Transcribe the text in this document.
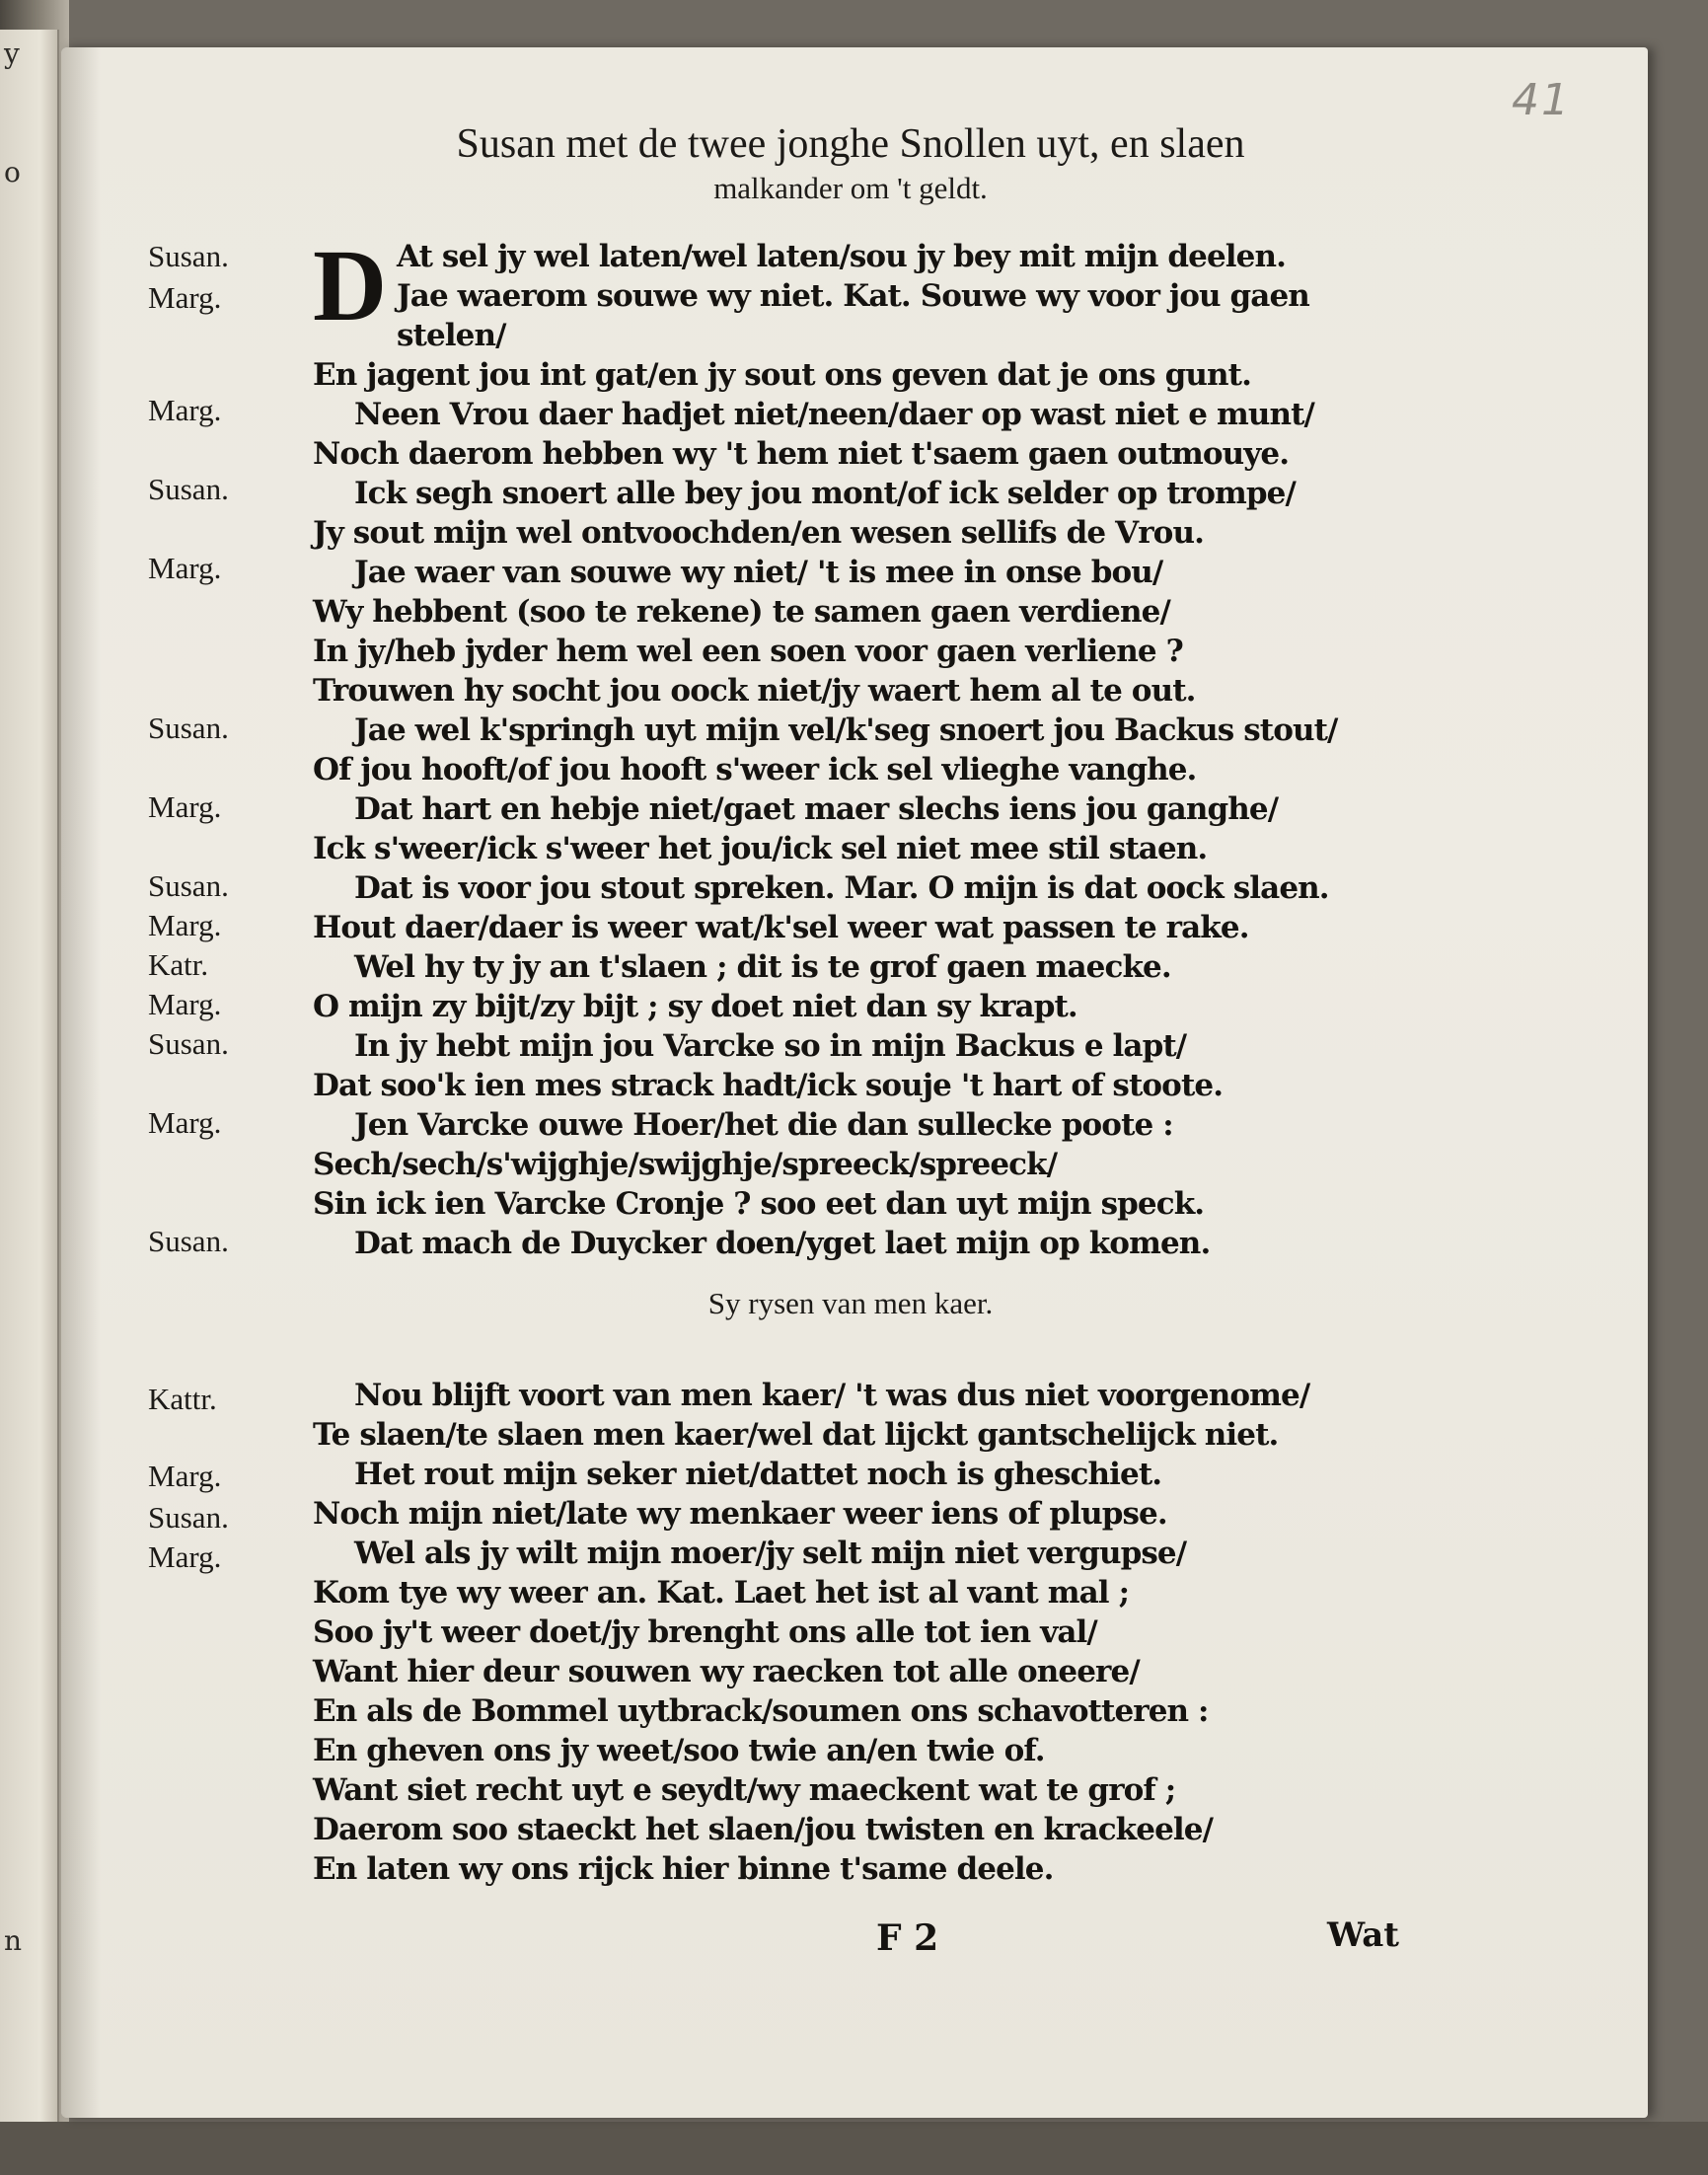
y
o
n
41
Susan met de twee jonghe Snollen uyt, en slaen
malkander om 't geldt.
Susan.
Marg.
Marg.
Susan.
Marg.
Susan.
Marg.
Susan.
Marg.
Katr.
Marg.
Susan.
Marg.
Susan.
D At sel jy wel laten/wel laten/sou jy bey mit mijn deelen.
Jae waerom souwe wy niet. Kat. Souwe wy voor jou gaen
stelen/
En jagent jou int gat/en jy sout ons geven dat je ons gunt.
Neen Vrou daer hadjet niet/neen/daer op wast niet e munt/
Noch daerom hebben wy 't hem niet t'saem gaen outmouye.
Ick segh snoert alle bey jou mont/of ick selder op trompe/
Jy sout mijn wel ontvoochden/en wesen sellifs de Vrou.
Jae waer van souwe wy niet/ 't is mee in onse bou/
Wy hebbent (soo te rekene) te samen gaen verdiene/
In jy/heb jyder hem wel een soen voor gaen verliene ?
Trouwen hy socht jou oock niet/jy waert hem al te out.
Jae wel k'springh uyt mijn vel/k'seg snoert jou Backus stout/
Of jou hooft/of jou hooft s'weer ick sel vlieghe vanghe.
Dat hart en hebje niet/gaet maer slechs iens jou ganghe/
Ick s'weer/ick s'weer het jou/ick sel niet mee stil staen.
Dat is voor jou stout spreken. Mar. O mijn is dat oock slaen.
Hout daer/daer is weer wat/k'sel weer wat passen te rake.
Wel hy ty jy an t'slaen ; dit is te grof gaen maecke.
O mijn zy bijt/zy bijt ; sy doet niet dan sy krapt.
In jy hebt mijn jou Varcke so in mijn Backus e lapt/
Dat soo'k ien mes strack hadt/ick souje 't hart of stoote.
Jen Varcke ouwe Hoer/het die dan sullecke poote :
Sech/sech/s'wijghje/swijghje/spreeck/spreeck/
Sin ick ien Varcke Cronje ? soo eet dan uyt mijn speck.
Dat mach de Duycker doen/yget laet mijn op komen.
Sy rysen van men kaer.
Kattr.
Marg.
Susan.
Marg.
Nou blijft voort van men kaer/ 't was dus niet voorgenome/
Te slaen/te slaen men kaer/wel dat lijckt gantschelijck niet.
Het rout mijn seker niet/dattet noch is gheschiet.
Noch mijn niet/late wy menkaer weer iens of plupse.
Wel als jy wilt mijn moer/jy selt mijn niet vergupse/
Kom tye wy weer an. Kat. Laet het ist al vant mal ;
Soo jy't weer doet/jy brenght ons alle tot ien val/
Want hier deur souwen wy raecken tot alle oneere/
En als de Bommel uytbrack/soumen ons schavotteren :
En gheven ons jy weet/soo twie an/en twie of.
Want siet recht uyt e seydt/wy maeckent wat te grof ;
Daerom soo staeckt het slaen/jou twisten en krackeele/
En laten wy ons rijck hier binne t'same deele.
F 2	Wat
